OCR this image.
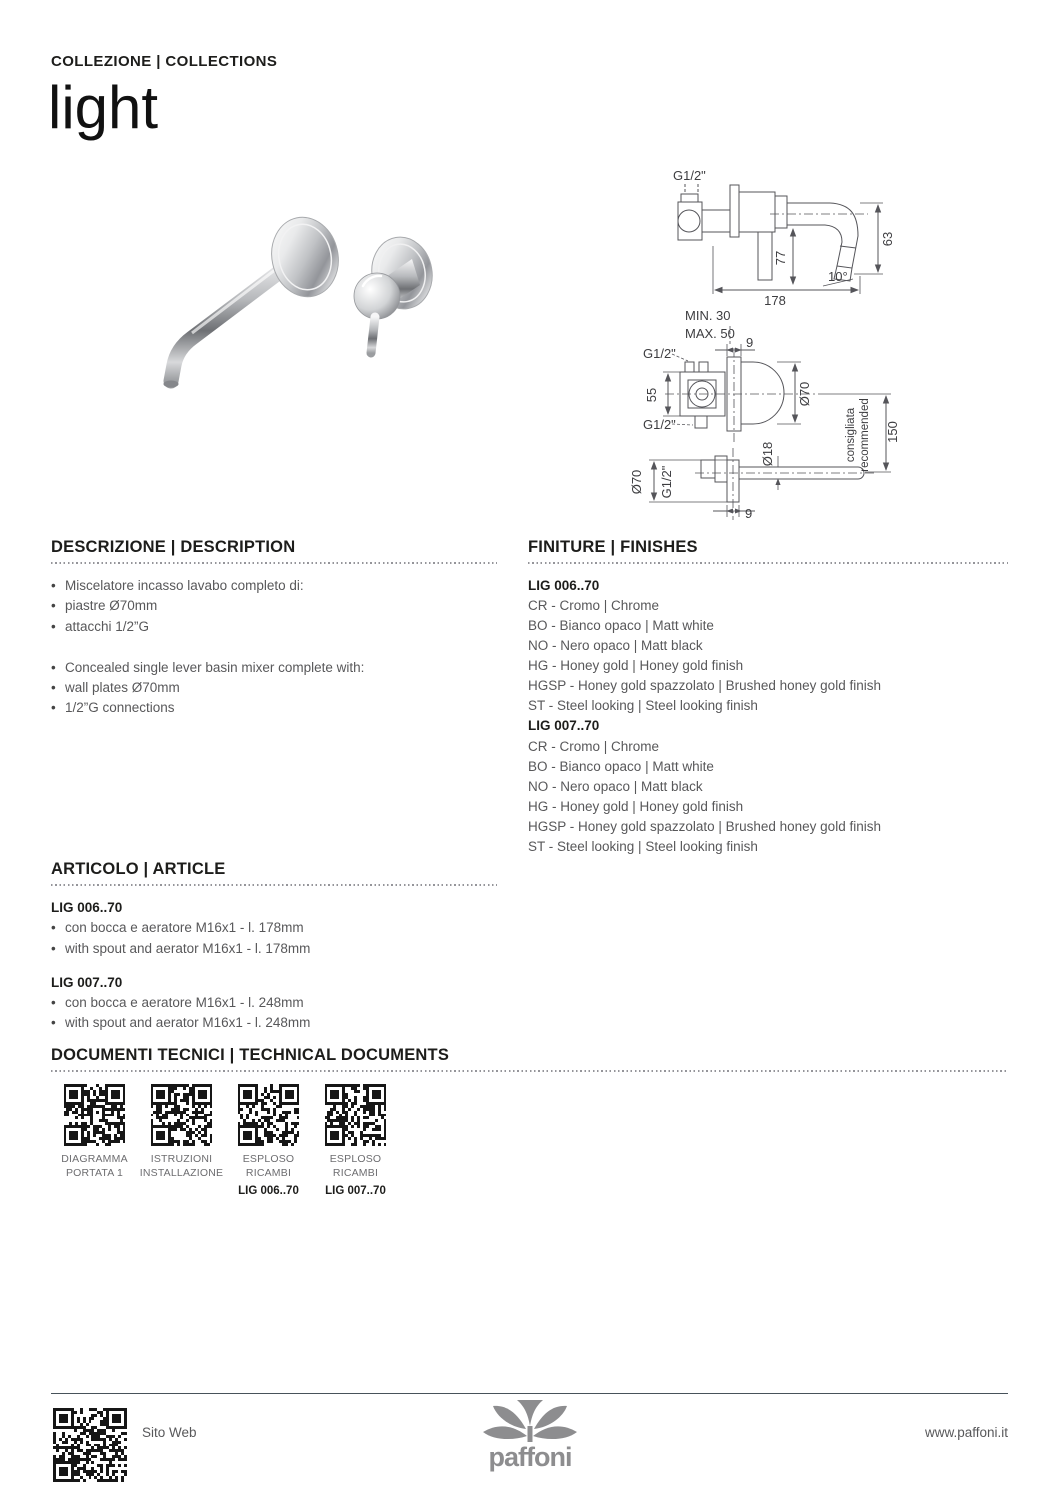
COLLEZIONE | COLLECTIONS
light
G1/2"
77
63
10°
178
MIN. 30
MAX. 50
9
G1/2"
55
G1/2"
Ø70
Ø70 G1/2"
Ø18	consigliata recommended 150
9
DESCRIZIONE | DESCRIPTION
• Miscelatore incasso lavabo completo di:
• piastre Ø70mm
• attacchi 1/2”G
• Concealed single lever basin mixer complete with:
• wall plates Ø70mm
• 1/2”G connections
FINITURE | FINISHES
LIG 006..70
CR - Cromo | Chrome
BO - Bianco opaco | Matt white
NO - Nero opaco | Matt black
HG - Honey gold | Honey gold finish
HGSP - Honey gold spazzolato | Brushed honey gold finish
ST - Steel looking | Steel looking finish
LIG 007..70
CR - Cromo | Chrome
BO - Bianco opaco | Matt white
NO - Nero opaco | Matt black
HG - Honey gold | Honey gold finish
HGSP - Honey gold spazzolato | Brushed honey gold finish
ST - Steel looking | Steel looking finish
ARTICOLO | ARTICLE
LIG 006..70
• con bocca e aeratore M16x1 - l. 178mm
• with spout and aerator M16x1 - l. 178mm
LIG 007..70
• con bocca e aeratore M16x1 - l. 248mm
• with spout and aerator M16x1 - l. 248mm
DOCUMENTI TECNICI | TECHNICAL DOCUMENTS
DIAGRAMMA
PORTATA 1
ISTRUZIONI
INSTALLAZIONE
ESPLOSO
RICAMBI
LIG 006..70
ESPLOSO
RICAMBI
LIG 007..70
Sito Web
paffoni
www.paffoni.it
